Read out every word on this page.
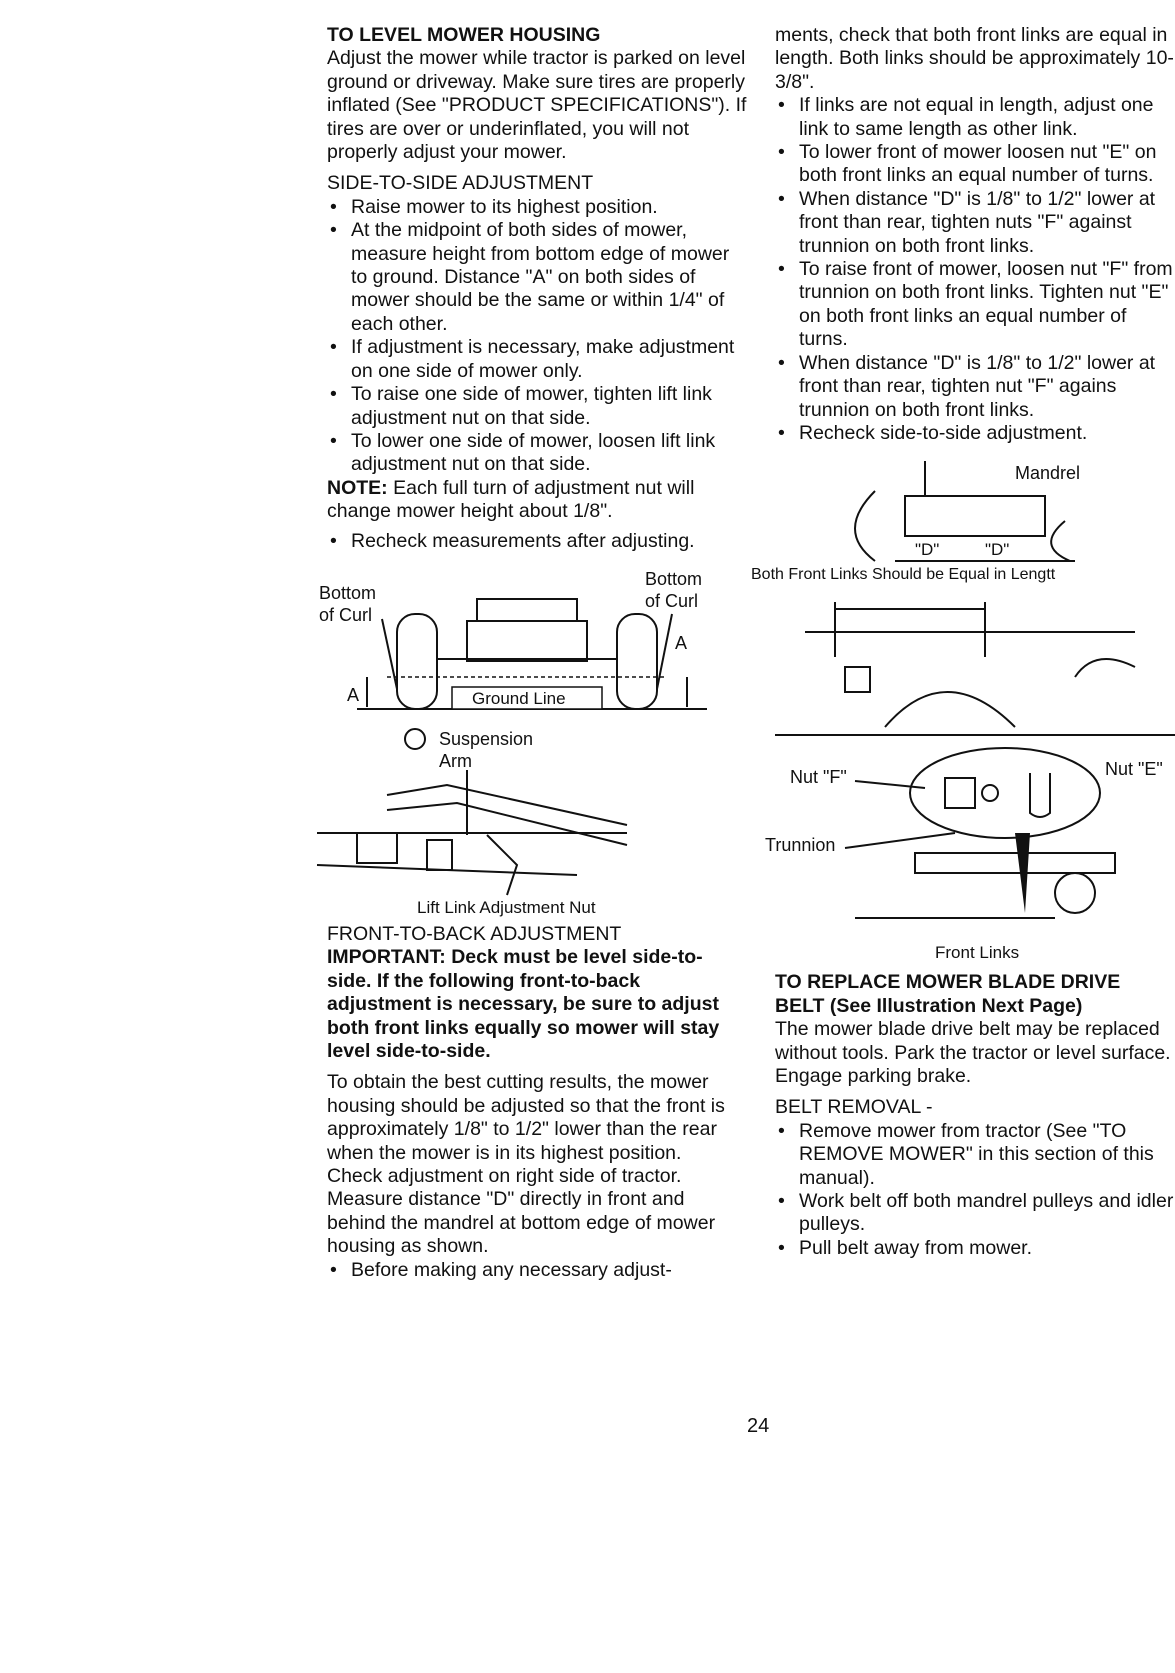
TO LEVEL MOWER HOUSING

Adjust the mower while tractor is parked on level ground or driveway. Make sure tires are properly inflated (See "PRODUCT SPECIFICATIONS"). If tires are over or underinflated, you will not properly adjust your mower.

SIDE-TO-SIDE ADJUSTMENT

• Raise mower to its highest position.
• At the midpoint of both sides of mower, measure height from bottom edge of mower to ground. Distance "A" on both sides of mower should be the same or within 1/4" of each other.
• If adjustment is necessary, make adjustment on one side of mower only.
• To raise one side of mower, tighten lift link adjustment nut on that side.
• To lower one side of mower, loosen lift link adjustment nut on that side.

NOTE: Each full turn of adjustment nut will change mower height about 1/8".

• Recheck measurements after adjusting.
Bottom
of Curl
Bottom
of Curl
A
A	Ground Line
Suspension
Arm
Lift Link Adjustment Nut

FRONT-TO-BACK ADJUSTMENT

IMPORTANT: Deck must be level side-to-side. If the following front-to-back adjustment is necessary, be sure to adjust both front links equally so mower will stay level side-to-side.

To obtain the best cutting results, the mower housing should be adjusted so that the front is approximately 1/8" to 1/2" lower than the rear when the mower is in its highest position.

Check adjustment on right side of tractor. Measure distance "D" directly in front and behind the mandrel at bottom edge of mower housing as shown.

• Before making any necessary adjust-

ments, check that both front links are equal in length. Both links should be approximately 10-3/8".

• If links are not equal in length, adjust one link to same length as other link.
• To lower front of mower loosen nut "E" on both front links an equal number of turns.
• When distance "D" is 1/8" to 1/2" lower at front than rear, tighten nuts "F" against trunnion on both front links.
• To raise front of mower, loosen nut "F" from trunnion on both front links. Tighten nut "E" on both front links an equal number of turns.
• When distance "D" is 1/8" to 1/2" lower at front than rear, tighten nut "F" agains trunnion on both front links.
• Recheck side-to-side adjustment.
Mandrel
"D"	"D"
Both Front Links Should be Equal in Lengtt
Nut "F"	Nut "E"
Trunnion
Front Links

TO REPLACE MOWER BLADE DRIVE

BELT (See Illustration Next Page)

The mower blade drive belt may be replaced without tools. Park the tractor or level surface. Engage parking brake.

BELT REMOVAL -

• Remove mower from tractor (See "TO REMOVE MOWER" in this section of this manual).
• Work belt off both mandrel pulleys and idler pulleys.
• Pull belt away from mower.
24
